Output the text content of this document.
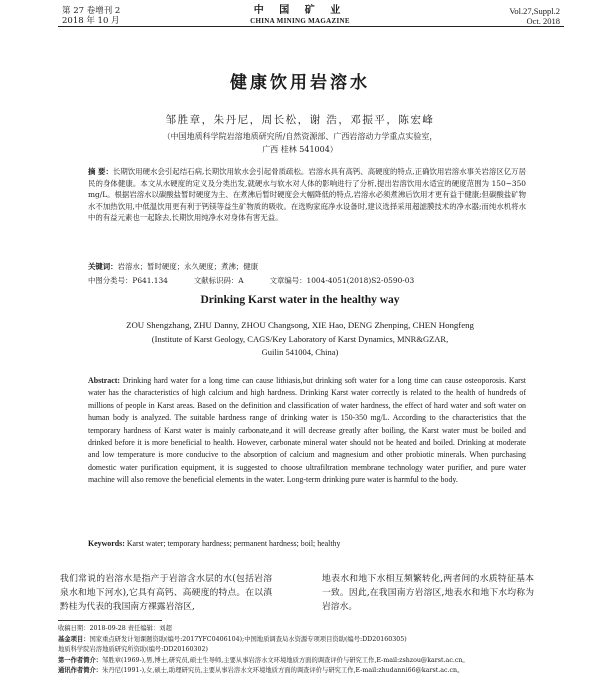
第 27 卷增刊 2
2018 年 10 月
中 国 矿 业
CHINA MINING MAGAZINE
Vol.27,Suppl.2
Oct. 2018
健康饮用岩溶水
邹胜章，朱丹尼，周长松，谢 浩，邓振平，陈宏峰
（中国地质科学院岩溶地质研究所/自然资源部、广西岩溶动力学重点实验室，
广西 桂林 541004）
摘 要：长期饮用硬水会引起结石病,长期饮用软水会引起骨质疏松。岩溶水具有高钙、高硬度的特点,正确饮用岩溶水事关岩溶区亿万居民的身体健康。本文从水硬度的定义及分类出发,就硬水与软水对人体的影响进行了分析,提出岩溶饮用水适宜的硬度范围为 150~350 mg/L。根据岩溶水以碳酸盐暂时硬度为主、在煮沸后暂时硬度会大幅降低的特点,岩溶水必须煮沸后饮用才更有益于健康;但碳酸盐矿物水不加热饮用,中低温饮用更有利于钙镁等益生矿物质的吸收。在选购家庭净水设备时,建议选择采用超滤膜技术的净水器;而纯水机将水中的有益元素也一起除去,长期饮用纯净水对身体有害无益。
关键词：岩溶水；暂时硬度；永久硬度；煮沸；健康
中图分类号：P641.134	文献标识码：A	文章编号：1004-4051(2018)S2-0590-03
Drinking Karst water in the healthy way
ZOU Shengzhang, ZHU Danny, ZHOU Changsong, XIE Hao, DENG Zhenping, CHEN Hongfeng
(Institute of Karst Geology, CAGS/Key Laboratory of Karst Dynamics, MNR&GZAR,
Guilin 541004, China)
Abstract: Drinking hard water for a long time can cause lithiasis,but drinking soft water for a long time can cause osteoporosis. Karst water has the characteristics of high calcium and high hardness. Drinking Karst water correctly is related to the health of hundreds of millions of people in Karst areas. Based on the definition and classification of water hardness, the effect of hard water and soft water on human body is analyzed. The suitable hardness range of drinking water is 150-350 mg/L. According to the characteristics that the temporary hardness of Karst water is mainly carbonate,and it will decrease greatly after boiling, the Karst water must be boiled and drinked before it is more beneficial to health. However, carbonate mineral water should not be heated and boiled. Drinking at moderate and low temperature is more conducive to the absorption of calcium and magnesium and other probiotic minerals. When purchasing domestic water purification equipment, it is suggested to choose ultrafiltration membrane technology water purifier, and pure water machine will also remove the beneficial elements in the water. Long-term drinking pure water is harmful to the body.
Keywords: Karst water; temporary hardness; permanent hardness; boil; healthy
我们常说的岩溶水是指产于岩溶含水层的水(包括岩溶泉水和地下河水),它具有高钙、高硬度的特点。在以滇黔桂为代表的我国南方裸露岩溶区,
地表水和地下水相互频繁转化,两者间的水质特征基本一致。因此,在我国南方岩溶区,地表水和地下水均称为岩溶水。

收稿日期：2018-09-28 责任编辑：刘超

基金项目：国家重点研发计划课题资助(编号:2017YFC0406104);中国地质调查局水资源专项项目资助(编号:DD20160305)

地质科学院岩溶地质研究所资助(编号:DD20160302)

第一作者简介：邹胜章(1969-),男,博士,研究员,硕士生导师,主要从事岩溶水文环境地质方面的调查评价与研究工作,E-mail:zshzou@karst.ac.cn。

通讯作者简介：朱丹尼(1991-),女,硕士,助理研究员,主要从事岩溶水文环境地质方面的调查评价与研究工作,E-mail:zhudanni66@karst.ac.cn。
